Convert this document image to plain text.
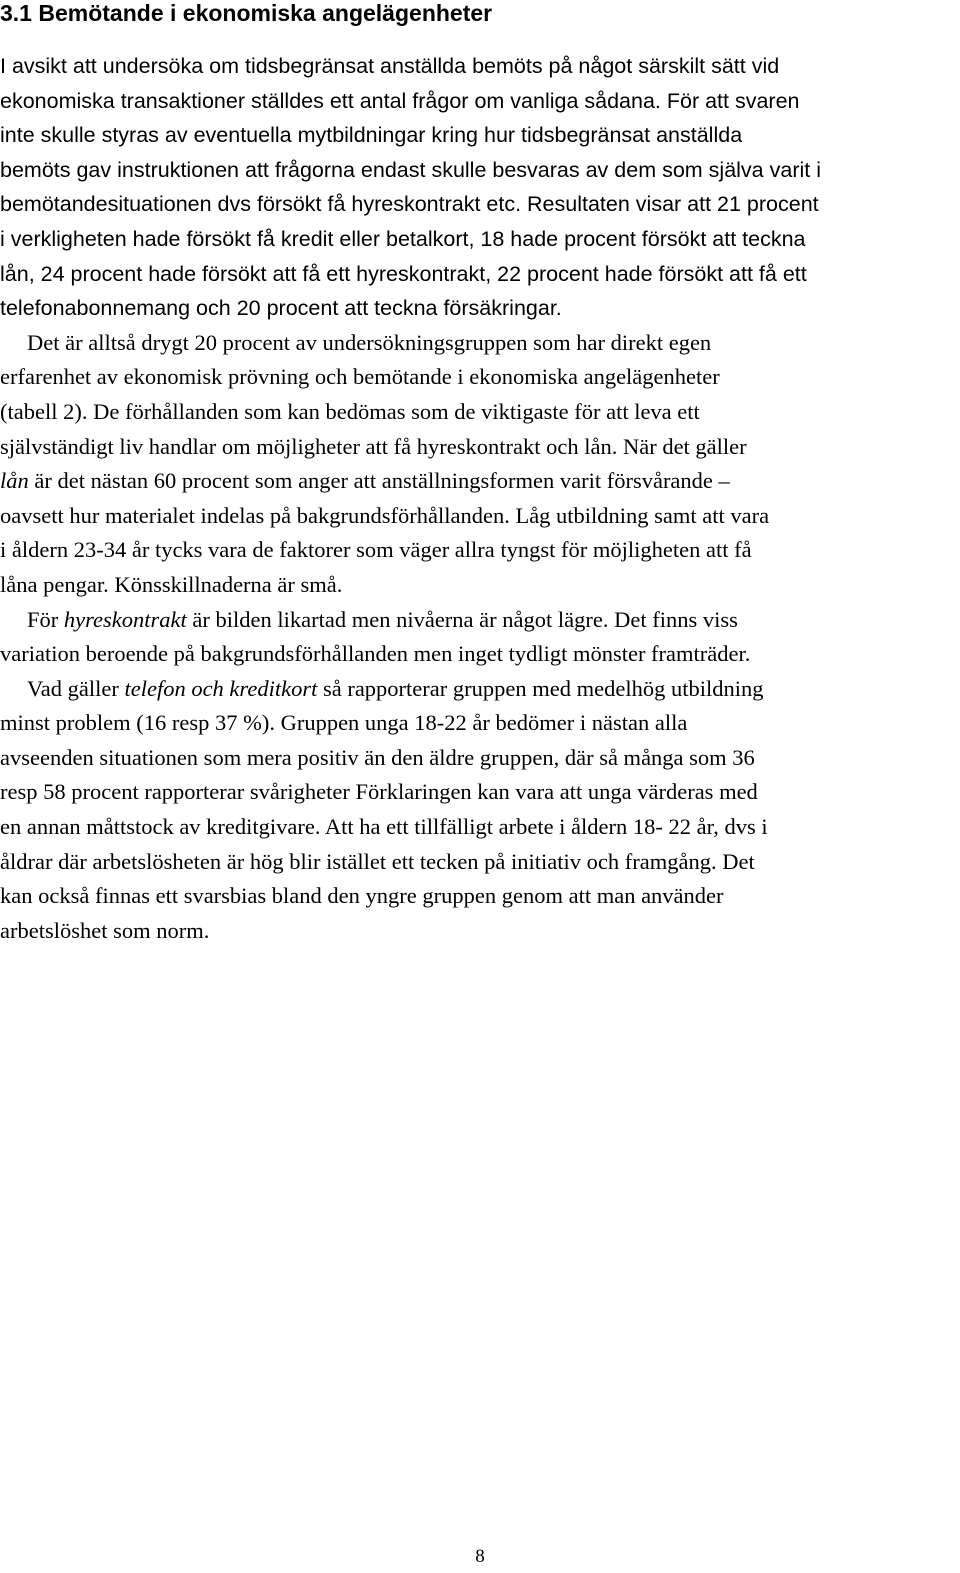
3.1 Bemötande i ekonomiska angelägenheter
I avsikt att undersöka om tidsbegränsat anställda bemöts på något särskilt sätt vid
ekonomiska transaktioner ställdes ett antal frågor om vanliga sådana. För att svaren
inte skulle styras av eventuella mytbildningar kring hur tidsbegränsat anställda
bemöts gav instruktionen att frågorna endast skulle besvaras av dem som själva varit i
bemötandesituationen dvs försökt få hyreskontrakt etc. Resultaten visar att 21 procent
i verkligheten hade försökt få kredit eller betalkort, 18 hade procent försökt att teckna
lån, 24 procent hade försökt att få ett hyreskontrakt, 22 procent hade försökt att få ett
telefonabonnemang och 20 procent att teckna försäkringar.
Det är alltså drygt 20 procent av undersökningsgruppen som har direkt egen
erfarenhet av ekonomisk prövning och bemötande i ekonomiska angelägenheter
(tabell 2). De förhållanden som kan bedömas som de viktigaste för att leva ett
självständigt liv handlar om möjligheter att få hyreskontrakt och lån. När det gäller
lån är det nästan 60 procent som anger att anställningsformen varit försvårande –
oavsett hur materialet indelas på bakgrundsförhållanden. Låg utbildning samt att vara
i åldern 23-34 år tycks vara de faktorer som väger allra tyngst för möjligheten att få
låna pengar. Könsskillnaderna är små.
För hyreskontrakt är bilden likartad men nivåerna är något lägre. Det finns viss
variation beroende på bakgrundsförhållanden men inget tydligt mönster framträder.
Vad gäller telefon och kreditkort så rapporterar gruppen med medelhög utbildning
minst problem (16 resp 37 %). Gruppen unga 18-22 år bedömer i nästan alla
avseenden situationen som mera positiv än den äldre gruppen, där så många som 36
resp 58 procent rapporterar svårigheter Förklaringen kan vara att unga värderas med
en annan måttstock av kreditgivare. Att ha ett tillfälligt arbete i åldern 18- 22 år, dvs i
åldrar där arbetslösheten är hög blir istället ett tecken på initiativ och framgång. Det
kan också finnas ett svarsbias bland den yngre gruppen genom att man använder
arbetslöshet som norm.
8
